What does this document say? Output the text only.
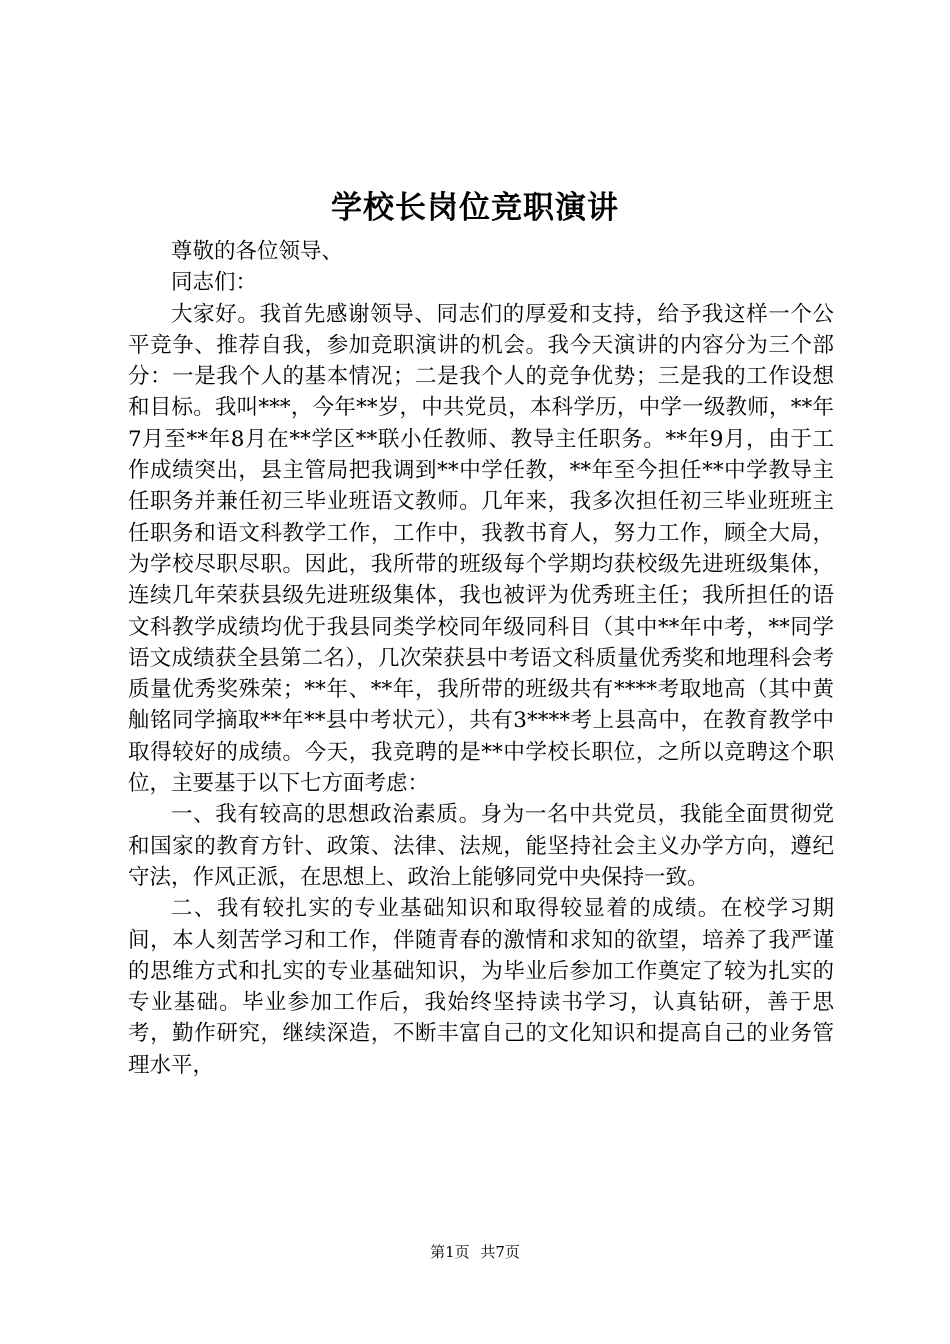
学校长岗位竞职演讲

尊敬的各位领导、

同志们：

大家好。我首先感谢领导、同志们的厚爱和支持，给予我这样一个公平竞争、推荐自我，参加竞职演讲的机会。我今天演讲的内容分为三个部分：一是我个人的基本情况；二是我个人的竞争优势；三是我的工作设想和目标。我叫***，今年**岁，中共党员，本科学历，中学一级教师，**年7月至**年8月在**学区**联小任教师、教导主任职务。**年9月，由于工作成绩突出，县主管局把我调到**中学任教，**年至今担任**中学教导主任职务并兼任初三毕业班语文教师。几年来，我多次担任初三毕业班班主任职务和语文科教学工作，工作中，我教书育人，努力工作，顾全大局，为学校尽职尽职。因此，我所带的班级每个学期均获校级先进班级集体，连续几年荣获县级先进班级集体，我也被评为优秀班主任；我所担任的语文科教学成绩均优于我县同类学校同年级同科目（其中**年中考，**同学语文成绩获全县第二名），几次荣获县中考语文科质量优秀奖和地理科会考质量优秀奖殊荣；**年、**年，我所带的班级共有****考取地高（其中黄舢铭同学摘取**年**县中考状元），共有3****考上县高中，在教育教学中取得较好的成绩。今天，我竞聘的是**中学校长职位，之所以竞聘这个职位，主要基于以下七方面考虑：

一、我有较高的思想政治素质。身为一名中共党员，我能全面贯彻党和国家的教育方针、政策、法律、法规，能坚持社会主义办学方向，遵纪守法，作风正派，在思想上、政治上能够同党中央保持一致。

二、我有较扎实的专业基础知识和取得较显着的成绩。在校学习期间，本人刻苦学习和工作，伴随青春的激情和求知的欲望，培养了我严谨的思维方式和扎实的专业基础知识，为毕业后参加工作奠定了较为扎实的专业基础。毕业参加工作后，我始终坚持读书学习，认真钻研，善于思考，勤作研究，继续深造，不断丰富自己的文化知识和提高自己的业务管理水平，

第1页 共7页
